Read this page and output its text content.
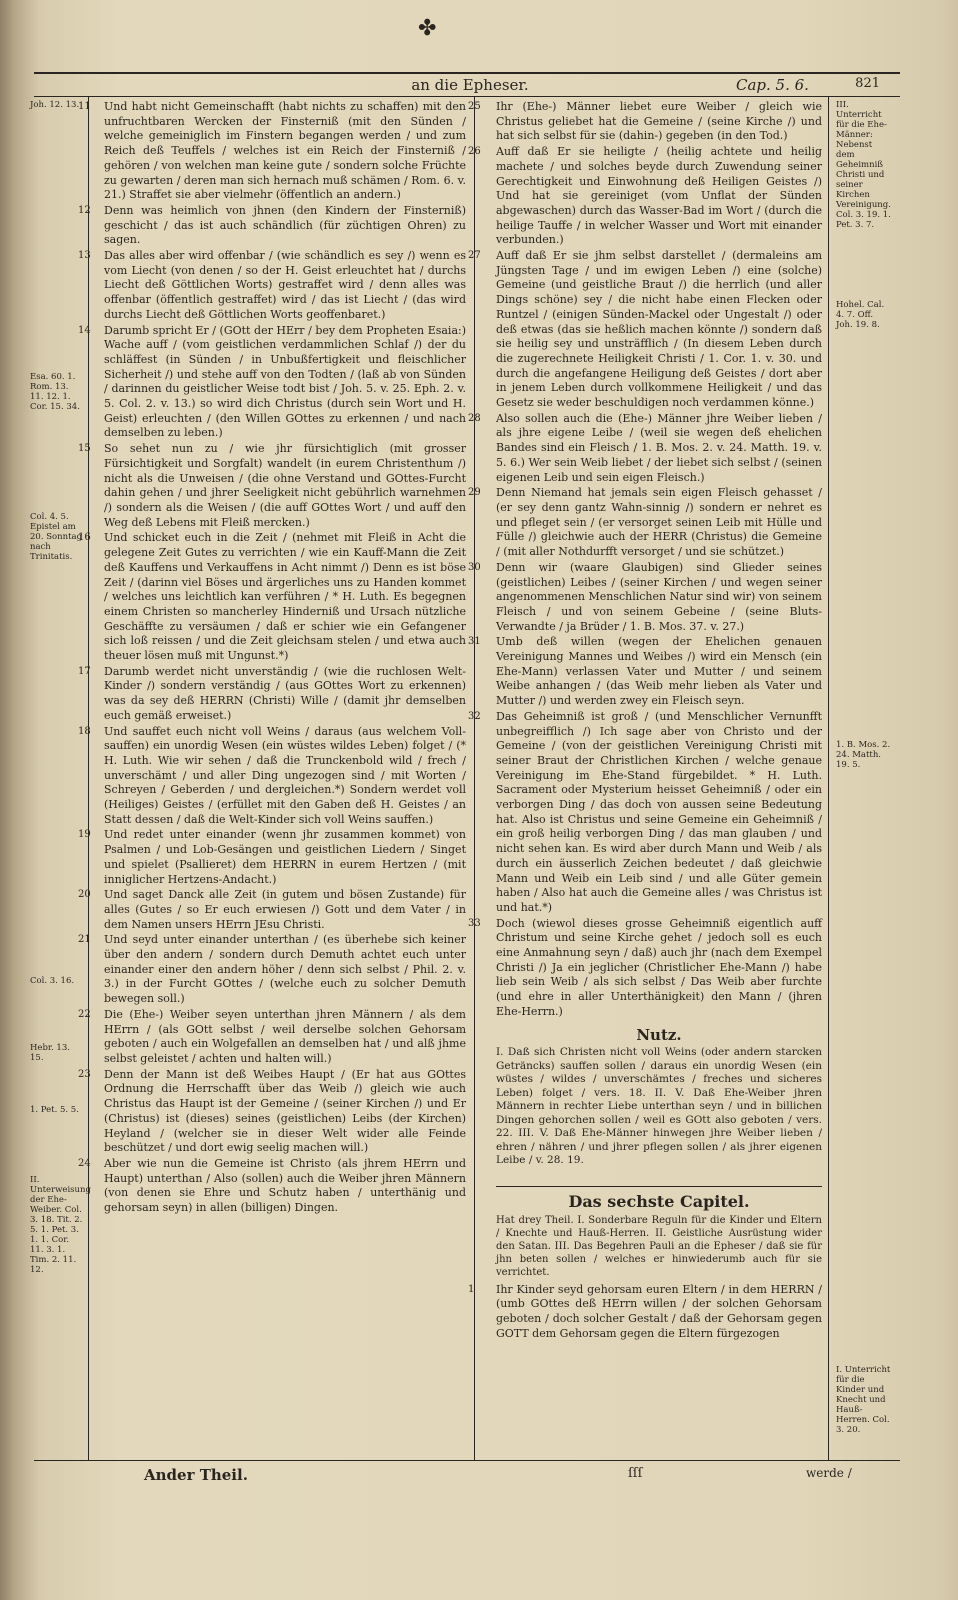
✤
an die Epheser.	Cap. 5. 6.	821
11 Und habt nicht Gemeinschafft (habt nichts zu schaffen) mit den unfruchtbaren Wercken der Finsterniß (mit den Sünden / welche gemeiniglich im Finstern begangen werden / und zum Reich deß Teuffels / welches ist ein Reich der Finsterniß / gehören / von welchen man keine gute / sondern solche Früchte zu gewarten / deren man sich hernach muß schämen / Rom. 6. v. 21.) Straffet sie aber vielmehr (öffentlich an andern.)
12 Denn was heimlich von jhnen (den Kindern der Finsterniß) geschicht / das ist auch schändlich (für züchtigen Ohren) zu sagen.
13 Das alles aber wird offenbar / (wie schändlich es sey /) wenn es vom Liecht (von denen / so der H. Geist erleuchtet hat / durchs Liecht deß Göttlichen Worts) gestraffet wird / denn alles was offenbar (öffentlich gestraffet) wird / das ist Liecht / (das wird durchs Liecht deß Göttlichen Worts geoffenbaret.)
14 Darumb spricht Er / (GOtt der HErr / bey dem Propheten Esaia:) Wache auff / (vom geistlichen verdammlichen Schlaf /) der du schläffest (in Sünden / in Unbußfertigkeit und fleischlicher Sicherheit /) und stehe auff von den Todten / (laß ab von Sünden / darinnen du geistlicher Weise todt bist / Joh. 5. v. 25. Eph. 2. v. 5. Col. 2. v. 13.) so wird dich Christus (durch sein Wort und H. Geist) erleuchten / (den Willen GOttes zu erkennen / und nach demselben zu leben.)
15 So sehet nun zu / wie jhr fürsichtiglich (mit grosser Fürsichtigkeit und Sorgfalt) wandelt (in eurem Christenthum /) nicht als die Unweisen / (die ohne Verstand und GOttes-Furcht dahin gehen / und jhrer Seeligkeit nicht gebührlich warnehmen /) sondern als die Weisen / (die auff GOttes Wort / und auff den Weg deß Lebens mit Fleiß mercken.)
16 Und schicket euch in die Zeit / (nehmet mit Fleiß in Acht die gelegene Zeit Gutes zu verrichten / wie ein Kauff-Mann die Zeit deß Kauffens und Verkauffens in Acht nimmt /) Denn es ist böse Zeit / (darinn viel Böses und ärgerliches uns zu Handen kommet / welches uns leichtlich kan verführen / * H. Luth. Es begegnen einem Christen so mancherley Hinderniß und Ursach nützliche Geschäffte zu versäumen / daß er schier wie ein Gefangener sich loß reissen / und die Zeit gleichsam stelen / und etwa auch theuer lösen muß mit Ungunst.*)
17 Darumb werdet nicht unverständig / (wie die ruchlosen Welt-Kinder /) sondern verständig / (aus GOttes Wort zu erkennen) was da sey deß HERRN (Christi) Wille / (damit jhr demselben euch gemäß erweiset.)
18 Und sauffet euch nicht voll Weins / daraus (aus welchem Voll-sauffen) ein unordig Wesen (ein wüstes wildes Leben) folget / (* H. Luth. Wie wir sehen / daß die Trunckenbold wild / frech / unverschämt / und aller Ding ungezogen sind / mit Worten / Schreyen / Geberden / und dergleichen.*) Sondern werdet voll (Heiliges) Geistes / (erfüllet mit den Gaben deß H. Geistes / an Statt dessen / daß die Welt-Kinder sich voll Weins sauffen.)
19 Und redet unter einander (wenn jhr zusammen kommet) von Psalmen / und Lob-Gesängen und geistlichen Liedern / Singet und spielet (Psallieret) dem HERRN in eurem Hertzen / (mit inniglicher Hertzens-Andacht.)
20 Und saget Danck alle Zeit (in gutem und bösen Zustande) für alles (Gutes / so Er euch erwiesen /) Gott und dem Vater / in dem Namen unsers HErrn JEsu Christi.
21 Und seyd unter einander unterthan / (es überhebe sich keiner über den andern / sondern durch Demuth achtet euch unter einander einer den andern höher / denn sich selbst / Phil. 2. v. 3.) in der Furcht GOttes / (welche euch zu solcher Demuth bewegen soll.)
22 Die (Ehe-) Weiber seyen unterthan jhren Männern / als dem HErrn / (als GOtt selbst / weil derselbe solchen Gehorsam geboten / auch ein Wolgefallen an demselben hat / und alß jhme selbst geleistet / achten und halten will.)
23 Denn der Mann ist deß Weibes Haupt / (Er hat aus GOttes Ordnung die Herrschafft über das Weib /) gleich wie auch Christus das Haupt ist der Gemeine / (seiner Kirchen /) und Er (Christus) ist (dieses) seines (geistlichen) Leibs (der Kirchen) Heyland / (welcher sie in dieser Welt wider alle Feinde beschützet / und dort ewig seelig machen will.)
24 Aber wie nun die Gemeine ist Christo (als jhrem HErrn und Haupt) unterthan / Also (sollen) auch die Weiber jhren Männern (von denen sie Ehre und Schutz haben / unterthänig und gehorsam seyn) in allen (billigen) Dingen.
25 Ihr (Ehe-) Männer liebet eure Weiber / gleich wie Christus geliebet hat die Gemeine / (seine Kirche /) und hat sich selbst für sie (dahin-) gegeben (in den Tod.)
26 Auff daß Er sie heiligte / (heilig achtete und heilig machete / und solches beyde durch Zuwendung seiner Gerechtigkeit und Einwohnung deß Heiligen Geistes /) Und hat sie gereiniget (vom Unflat der Sünden abgewaschen) durch das Wasser-Bad im Wort / (durch die heilige Tauffe / in welcher Wasser und Wort mit einander verbunden.)
27 Auff daß Er sie jhm selbst darstellet / (dermaleins am Jüngsten Tage / und im ewigen Leben /) eine (solche) Gemeine (und geistliche Braut /) die herrlich (und aller Dings schöne) sey / die nicht habe einen Flecken oder Runtzel / (einigen Sünden-Mackel oder Ungestalt /) oder deß etwas (das sie heßlich machen könnte /) sondern daß sie heilig sey und unsträfflich / (In diesem Leben durch die zugerechnete Heiligkeit Christi / 1. Cor. 1. v. 30. und durch die angefangene Heiligung deß Geistes / dort aber in jenem Leben durch vollkommene Heiligkeit / und das Gesetz sie weder beschuldigen noch verdammen könne.)
28 Also sollen auch die (Ehe-) Männer jhre Weiber lieben / als jhre eigene Leibe / (weil sie wegen deß ehelichen Bandes sind ein Fleisch / 1. B. Mos. 2. v. 24. Matth. 19. v. 5. 6.) Wer sein Weib liebet / der liebet sich selbst / (seinen eigenen Leib und sein eigen Fleisch.)
29 Denn Niemand hat jemals sein eigen Fleisch gehasset / (er sey denn gantz Wahn-sinnig /) sondern er nehret es und pfleget sein / (er versorget seinen Leib mit Hülle und Fülle /) gleichwie auch der HERR (Christus) die Gemeine / (mit aller Nothdurfft versorget / und sie schützet.)
30 Denn wir (waare Glaubigen) sind Glieder seines (geistlichen) Leibes / (seiner Kirchen / und wegen seiner angenommenen Menschlichen Natur sind wir) von seinem Fleisch / und von seinem Gebeine / (seine Bluts-Verwandte / ja Brüder / 1. B. Mos. 37. v. 27.)
31 Umb deß willen (wegen der Ehelichen genauen Vereinigung Mannes und Weibes /) wird ein Mensch (ein Ehe-Mann) verlassen Vater und Mutter / und seinem Weibe anhangen / (das Weib mehr lieben als Vater und Mutter /) und werden zwey ein Fleisch seyn.
32 Das Geheimniß ist groß / (und Menschlicher Vernunfft unbegreifflich /) Ich sage aber von Christo und der Gemeine / (von der geistlichen Vereinigung Christi mit seiner Braut der Christlichen Kirchen / welche genaue Vereinigung im Ehe-Stand fürgebildet. * H. Luth. Sacrament oder Mysterium heisset Geheimniß / oder ein verborgen Ding / das doch von aussen seine Bedeutung hat. Also ist Christus und seine Gemeine ein Geheimniß / ein groß heilig verborgen Ding / das man glauben / und nicht sehen kan. Es wird aber durch Mann und Weib / als durch ein äusserlich Zeichen bedeutet / daß gleichwie Mann und Weib ein Leib sind / und alle Güter gemein haben / Also hat auch die Gemeine alles / was Christus ist und hat.*)
33 Doch (wiewol dieses grosse Geheimniß eigentlich auff Christum und seine Kirche gehet / jedoch soll es euch eine Anmahnung seyn / daß) auch jhr (nach dem Exempel Christi /) Ja ein jeglicher (Christlicher Ehe-Mann /) habe lieb sein Weib / als sich selbst / Das Weib aber furchte (und ehre in aller Unterthänigkeit) den Mann / (jhren Ehe-Herrn.)
Nutz.
I. Daß sich Christen nicht voll Weins (oder andern starcken Geträncks) sauffen sollen / daraus ein unordig Wesen (ein wüstes / wildes / unverschämtes / freches und sicheres Leben) folget / vers. 18. II. V. Daß Ehe-Weiber jhren Männern in rechter Liebe unterthan seyn / und in billichen Dingen gehorchen sollen / weil es GOtt also geboten / vers. 22. III. V. Daß Ehe-Männer hinwegen jhre Weiber lieben / ehren / nähren / und jhrer pflegen sollen / als jhrer eigenen Leibe / v. 28. 19.
Das sechste Capitel.
Hat drey Theil. I. Sonderbare Reguln für die Kinder und Eltern / Knechte und Hauß-Herren. II. Geistliche Ausrüstung wider den Satan. III. Das Begehren Pauli an die Epheser / daß sie für jhn beten sollen / welches er hinwiederumb auch für sie verrichtet.
1 Ihr Kinder seyd gehorsam euren Eltern / in dem HERRN / (umb GOttes deß HErrn willen / der solchen Gehorsam geboten / doch solcher Gestalt / daß der Gehorsam gegen GOTT dem Gehorsam gegen die Eltern fürgezogen
Joh. 12. 13.
Esa. 60. 1. Rom. 13. 11. 12. 1. Cor. 15. 34.
Col. 4. 5. Epistel am 20. Sonntag nach Trinitatis.
Col. 3. 16.
Hebr. 13. 15.
1. Pet. 5. 5.
II. Unterweisung der Ehe-Weiber. Col. 3. 18. Tit. 2. 5. 1. Pet. 3. 1. 1. Cor. 11. 3. 1. Tim. 2. 11. 12.
III. Unterricht für die Ehe-Männer: Nebenst dem Geheimniß Christi und seiner Kirchen Vereinigung. Col. 3. 19. 1. Pet. 3. 7.
Hohel. Cal. 4. 7. Off. Joh. 19. 8.
1. B. Mos. 2. 24. Matth. 19. 5.
I. Unterricht für die Kinder und Knecht und Hauß-Herren. Col. 3. 20.
Ander Theil.	ſſſ	werde /
